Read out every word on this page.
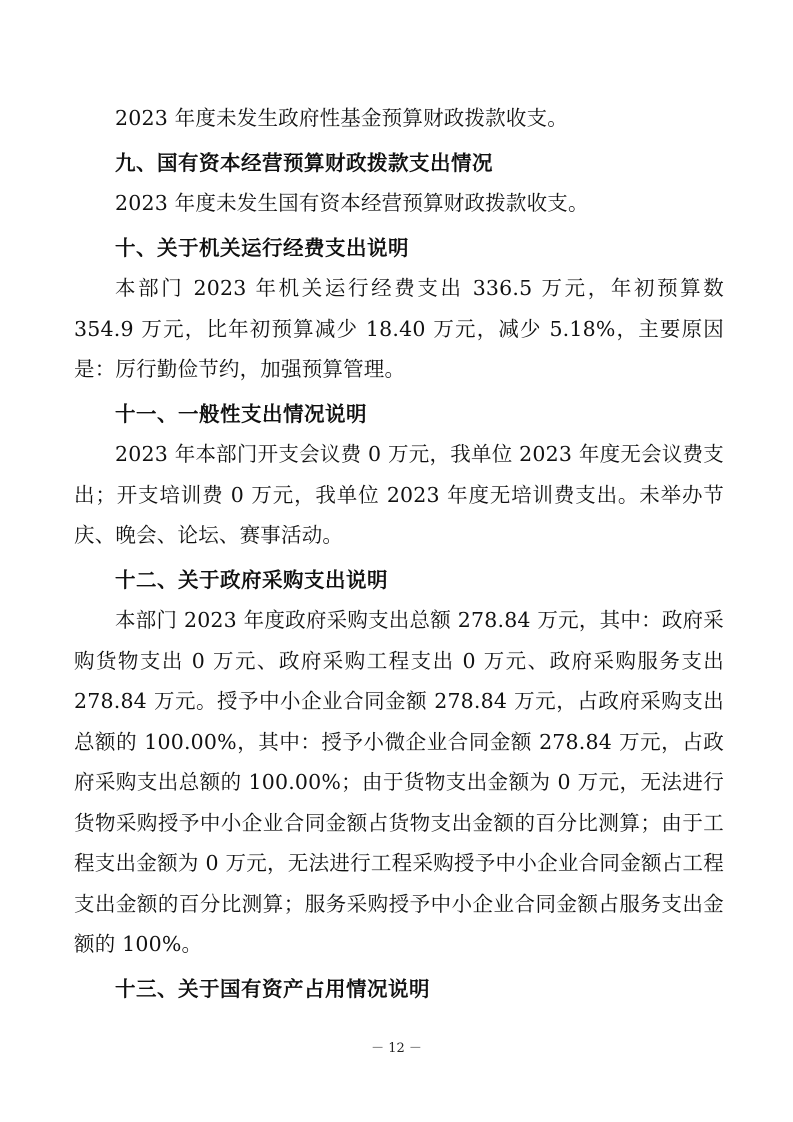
2023 年度未发生政府性基金预算财政拨款收支。

九、国有资本经营预算财政拨款支出情况

2023 年度未发生国有资本经营预算财政拨款收支。

十、关于机关运行经费支出说明

本部门 2023 年机关运行经费支出 336.5 万元，年初预算数 354.9 万元，比年初预算减少 18.40 万元，减少 5.18%，主要原因是：厉行勤俭节约，加强预算管理。

十一、一般性支出情况说明

2023 年本部门开支会议费 0 万元，我单位 2023 年度无会议费支出；开支培训费 0 万元，我单位 2023 年度无培训费支出。未举办节庆、晚会、论坛、赛事活动。

十二、关于政府采购支出说明

本部门 2023 年度政府采购支出总额 278.84 万元，其中：政府采购货物支出 0 万元、政府采购工程支出 0 万元、政府采购服务支出 278.84 万元。授予中小企业合同金额 278.84 万元，占政府采购支出总额的 100.00%，其中：授予小微企业合同金额 278.84 万元，占政府采购支出总额的 100.00%；由于货物支出金额为 0 万元，无法进行货物采购授予中小企业合同金额占货物支出金额的百分比测算；由于工程支出金额为 0 万元，无法进行工程采购授予中小企业合同金额占工程支出金额的百分比测算；服务采购授予中小企业合同金额占服务支出金额的 100%。

十三、关于国有资产占用情况说明

－ 12 －
